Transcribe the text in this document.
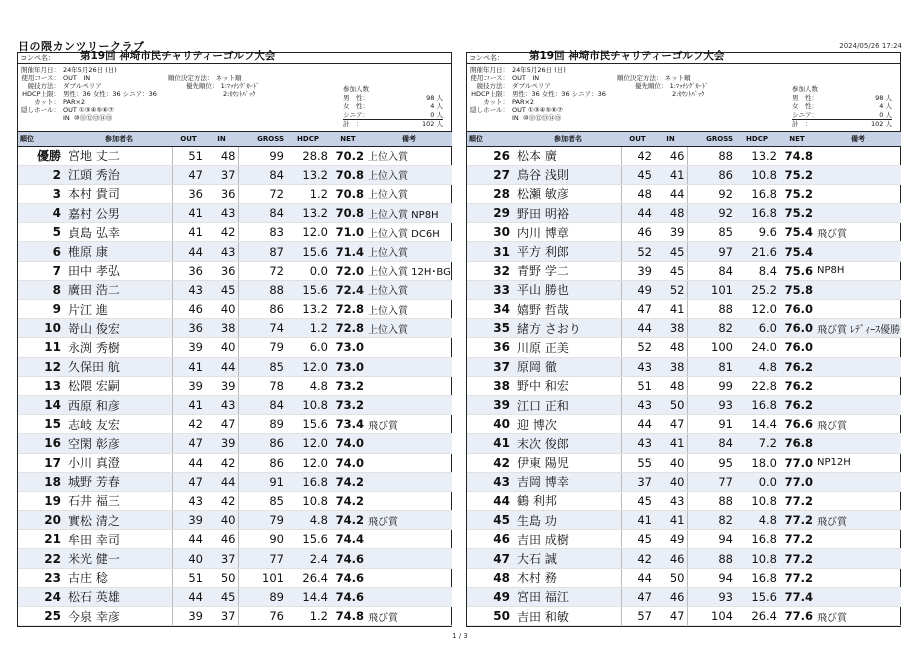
日の隈カンツリークラブ	2024/05/26 17:24
コンペ名： 第19回 神埼市民チャリティーゴルフ大会
開催年月日： 24年5月26日 (日)
使用コース： OUT　IN
競技方法： ダブルペリア
HDCP上限： 男性：36 女性：36 シニア：36
カット： PAR×2
隠しホール： OUT ①③④⑤⑥⑦
IN ⑩⑪⑫⑬⑭⑮
順位決定方法： ネット順
優先順位： 1:ﾏｯﾁﾝｸﾞｶｰﾄﾞ
2:ｶｳﾝﾄﾊﾞｯｸ
参加人数
男　性：	98 人
女　性：	4 人
シニア：	0 人
計　：	102 人
順位	参加者名	OUT	IN	GROSS	HDCP	NET	備考
優勝	宮地 丈二	51	48	99	28.8	70.2	上位入賞
2	江頭 秀治	47	37	84	13.2	70.8	上位入賞
3	本村 貴司	36	36	72	1.2	70.8	上位入賞
4	嘉村 公男	41	43	84	13.2	70.8	上位入賞 NP8H
5	貞島 弘幸	41	42	83	12.0	71.0	上位入賞 DC6H
6	椎原 康	44	43	87	15.6	71.4	上位入賞
7	田中 孝弘	36	36	72	0.0	72.0	上位入賞 12H･BG
8	廣田 浩二	43	45	88	15.6	72.4	上位入賞
9	片江 進	46	40	86	13.2	72.8	上位入賞
10	嵜山 俊宏	36	38	74	1.2	72.8	上位入賞
11	永渕 秀樹	39	40	79	6.0	73.0	
12	久保田 航	41	44	85	12.0	73.0	
13	松隈 宏嗣	39	39	78	4.8	73.2	
14	西原 和彦	41	43	84	10.8	73.2	
15	志岐 友宏	42	47	89	15.6	73.4	飛び賞
16	空閑 彰彦	47	39	86	12.0	74.0	
17	小川 真澄	44	42	86	12.0	74.0	
18	城野 芳春	47	44	91	16.8	74.2	
19	石井 福三	43	42	85	10.8	74.2	
20	實松 清之	39	40	79	4.8	74.2	飛び賞
21	牟田 幸司	44	46	90	15.6	74.4	
22	米光 健一	40	37	77	2.4	74.6	
23	古庄 稔	51	50	101	26.4	74.6	
24	松石 英雄	44	45	89	14.4	74.6	
25	今泉 幸彦	39	37	76	1.2	74.8	飛び賞
コンペ名： 第19回 神埼市民チャリティーゴルフ大会
開催年月日： 24年5月26日 (日)
使用コース： OUT　IN
競技方法： ダブルペリア
HDCP上限： 男性：36 女性：36 シニア：36
カット： PAR×2
隠しホール： OUT ①③④⑤⑥⑦
IN ⑩⑪⑫⑬⑭⑮
順位決定方法： ネット順
優先順位： 1:ﾏｯﾁﾝｸﾞｶｰﾄﾞ
2:ｶｳﾝﾄﾊﾞｯｸ
参加人数
男　性：	98 人
女　性：	4 人
シニア：	0 人
計　：	102 人
順位	参加者名	OUT	IN	GROSS	HDCP	NET	備考
26	松本 廣	42	46	88	13.2	74.8	
27	鳥谷 浅則	45	41	86	10.8	75.2	
28	松瀬 敏彦	48	44	92	16.8	75.2	
29	野田 明裕	44	48	92	16.8	75.2	
30	内川 博章	46	39	85	9.6	75.4	飛び賞
31	平方 利郎	52	45	97	21.6	75.4	
32	青野 学二	39	45	84	8.4	75.6	NP8H
33	平山 勝也	49	52	101	25.2	75.8	
34	嬉野 哲哉	47	41	88	12.0	76.0	
35	緒方 さおり	44	38	82	6.0	76.0	飛び賞 ﾚﾃﾞｨｰｽ優勝
36	川原 正美	52	48	100	24.0	76.0	
37	原岡 徹	43	38	81	4.8	76.2	
38	野中 和宏	51	48	99	22.8	76.2	
39	江口 正和	43	50	93	16.8	76.2	
40	迎 博次	44	47	91	14.4	76.6	飛び賞
41	末次 俊郎	43	41	84	7.2	76.8	
42	伊東 陽児	55	40	95	18.0	77.0	NP12H
43	吉岡 博幸	37	40	77	0.0	77.0	
44	鶴 利邦	45	43	88	10.8	77.2	
45	生島 功	41	41	82	4.8	77.2	飛び賞
46	吉田 成樹	45	49	94	16.8	77.2	
47	大石 誠	42	46	88	10.8	77.2	
48	木村 務	44	50	94	16.8	77.2	
49	宮田 福江	47	46	93	15.6	77.4	
50	吉田 和敏	57	47	104	26.4	77.6	飛び賞
1 / 3
